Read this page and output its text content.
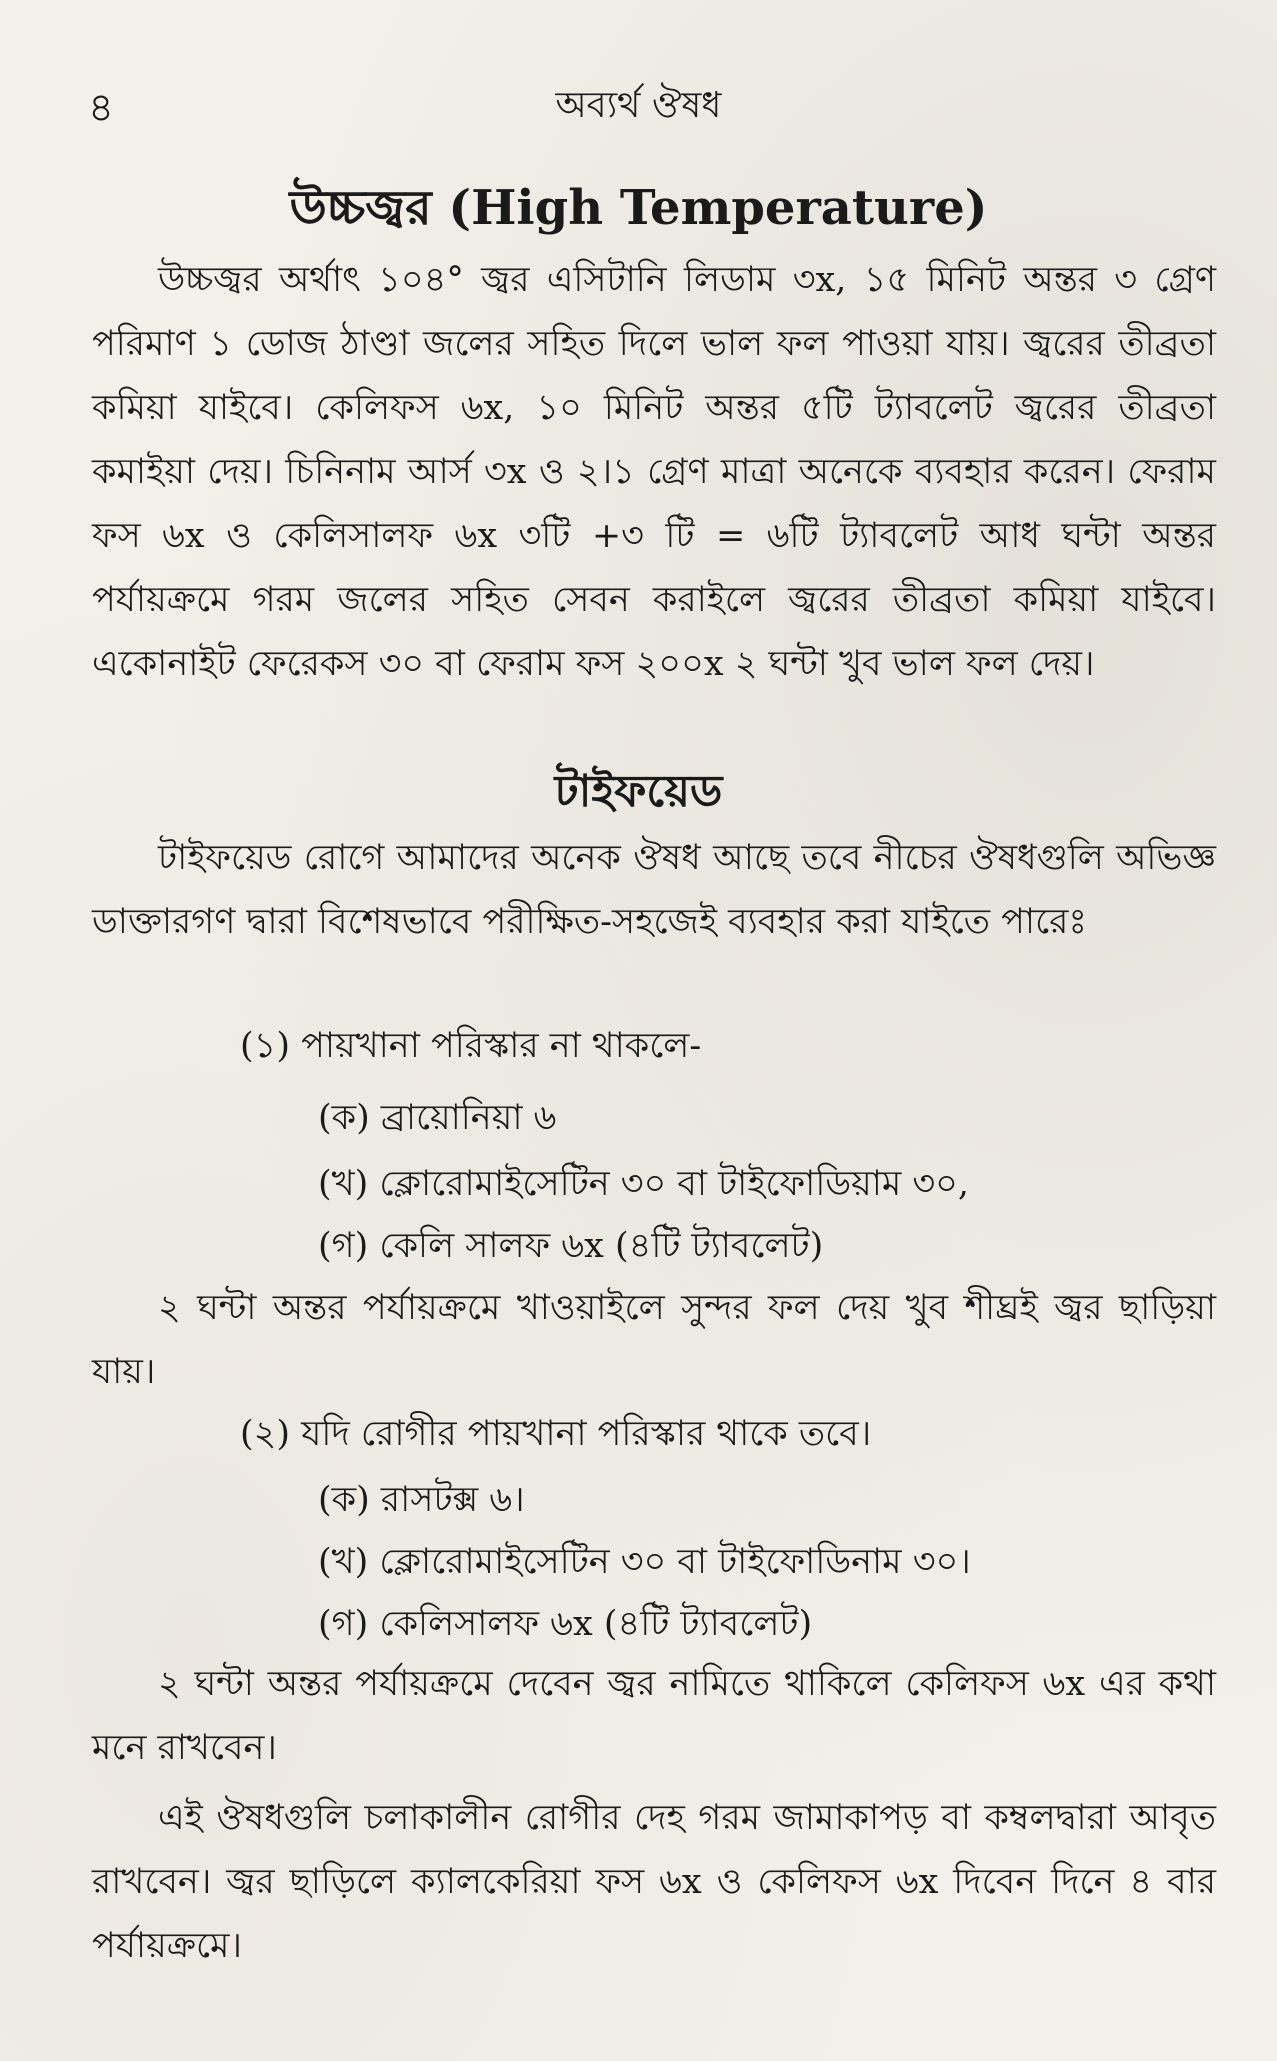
৪	অব্যর্থ ঔষধ
উচ্চজ্বর (High Temperature)
উচ্চজ্বর অর্থাৎ ১০৪° জ্বর এসিটানি লিডাম ৩x, ১৫ মিনিট অন্তর ৩ গ্রেণ পরিমাণ ১ ডোজ ঠাণ্ডা জলের সহিত দিলে ভাল ফল পাওয়া যায়। জ্বরের তীব্রতা কমিয়া যাইবে। কেলিফস ৬x, ১০ মিনিট অন্তর ৫টি ট্যাবলেট জ্বরের তীব্রতা কমাইয়া দেয়। চিনিনাম আর্স ৩x ও ২।১ গ্রেণ মাত্রা অনেকে ব্যবহার করেন। ফেরাম ফস ৬x ও কেলিসালফ ৬x ৩টি +৩ টি = ৬টি ট্যাবলেট আধ ঘন্টা অন্তর পর্যায়ক্রমে গরম জলের সহিত সেবন করাইলে জ্বরের তীব্রতা কমিয়া যাইবে। একোনাইট ফেরেকস ৩০ বা ফেরাম ফস ২০০x ২ ঘন্টা খুব ভাল ফল দেয়।
টাইফয়েড
টাইফয়েড রোগে আমাদের অনেক ঔষধ আছে তবে নীচের ঔষধগুলি অভিজ্ঞ ডাক্তারগণ দ্বারা বিশেষভাবে পরীক্ষিত-সহজেই ব্যবহার করা যাইতে পারেঃ
(১) পায়খানা পরিস্কার না থাকলে-
(ক) ব্রায়োনিয়া ৬
(খ) ক্লোরোমাইসেটিন ৩০ বা টাইফোডিয়াম ৩০,
(গ) কেলি সালফ ৬x (৪টি ট্যাবলেট)
২ ঘন্টা অন্তর পর্যায়ক্রমে খাওয়াইলে সুন্দর ফল দেয় খুব শীঘ্রই জ্বর ছাড়িয়া যায়।
(২) যদি রোগীর পায়খানা পরিস্কার থাকে তবে।
(ক) রাসটক্স ৬।
(খ) ক্লোরোমাইসেটিন ৩০ বা টাইফোডিনাম ৩০।
(গ) কেলিসালফ ৬x (৪টি ট্যাবলেট)
২ ঘন্টা অন্তর পর্যায়ক্রমে দেবেন জ্বর নামিতে থাকিলে কেলিফস ৬x এর কথা মনে রাখবেন।
এই ঔষধগুলি চলাকালীন রোগীর দেহ গরম জামাকাপড় বা কম্বলদ্বারা আবৃত রাখবেন। জ্বর ছাড়িলে ক্যালকেরিয়া ফস ৬x ও কেলিফস ৬x দিবেন দিনে ৪ বার পর্যায়ক্রমে।
